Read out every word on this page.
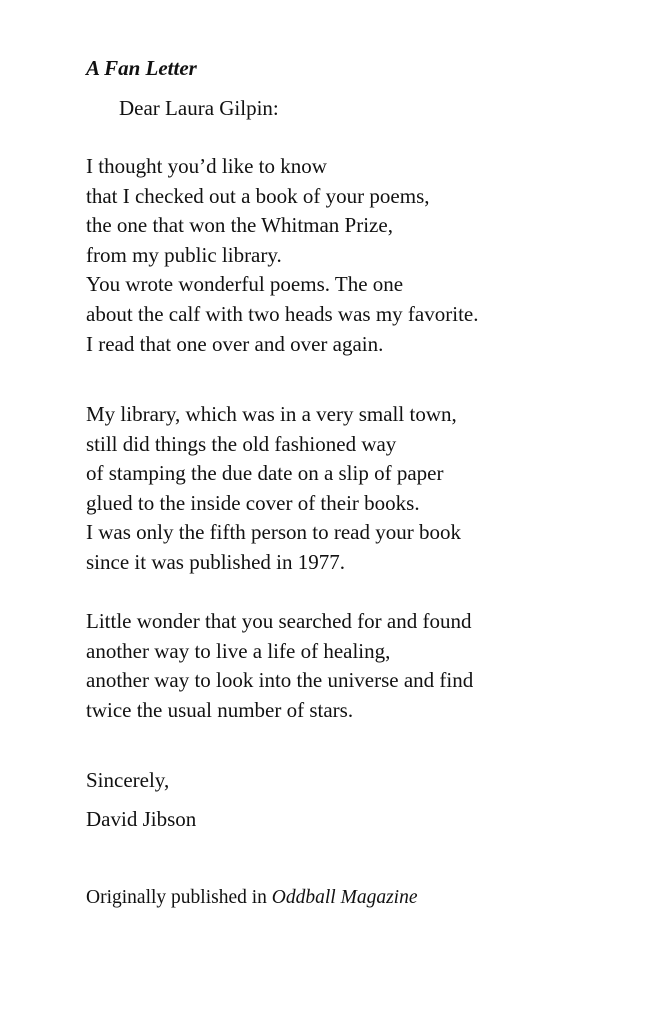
A Fan Letter
Dear Laura Gilpin:
I thought you’d like to know
that I checked out a book of your poems,
the one that won the Whitman Prize,
from my public library.
You wrote wonderful poems. The one
about the calf with two heads was my favorite.
I read that one over and over again.
My library, which was in a very small town,
still did things the old fashioned way
of stamping the due date on a slip of paper
glued to the inside cover of their books.
I was only the fifth person to read your book
since it was published in 1977.
Little wonder that you searched for and found
another way to live a life of healing,
another way to look into the universe and find
twice the usual number of stars.
Sincerely,
David Jibson
Originally published in Oddball Magazine
